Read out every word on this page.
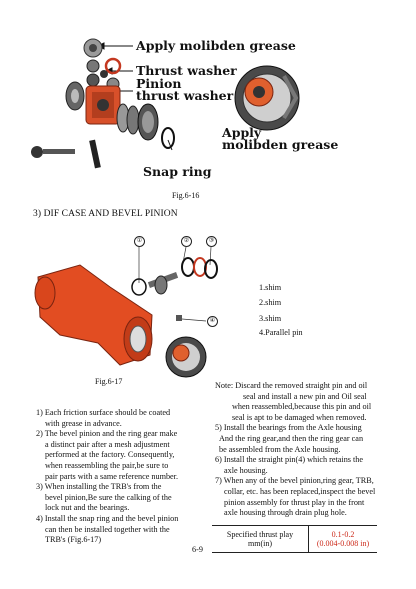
Apply molibden grease
Thrust washer
Pinion
thrust washer
Apply
molibden grease
Snap ring
Fig.6-16
3) DIF CASE AND BEVEL PINION
①	②	③
④
1.shim
2.shim
3.shim
4.Parallel pin
Fig.6-17
1) Each friction surface should be coated
with grease in advance.
2) The bevel pinion and the ring gear make
a distinct pair after a mesh adjustment
performed at the factory. Consequently,
when reassembling the pair,be sure to
pair parts with a same reference number.
3) When installing the TRB's from the
bevel pinion,Be sure the calking of the
lock nut and the bearings.
4) Install the snap ring and the bevel pinion
can then be installed together with the
TRB's (Fig.6-17)
Note: Discard the removed straight pin and oil
seal and install a new pin and Oil seal
when reassembled,because this pin and oil
seal is apt to be damaged when removed.
5) Install the bearings from the Axle housing
And the ring gear,and then the ring gear can
be assembled from the Axle housing.
6) Install the straight pin(4) which retains the
axle housing.
7) When any of the bevel pinion,ring gear, TRB,
collar, etc. has been replaced,inspect the bevel
pinion assembly for thrust play in the front
axle housing through drain plug hole.
Specified thrust play
mm(in)	0.1-0.2
(0.004-0.008 in)
6-9
